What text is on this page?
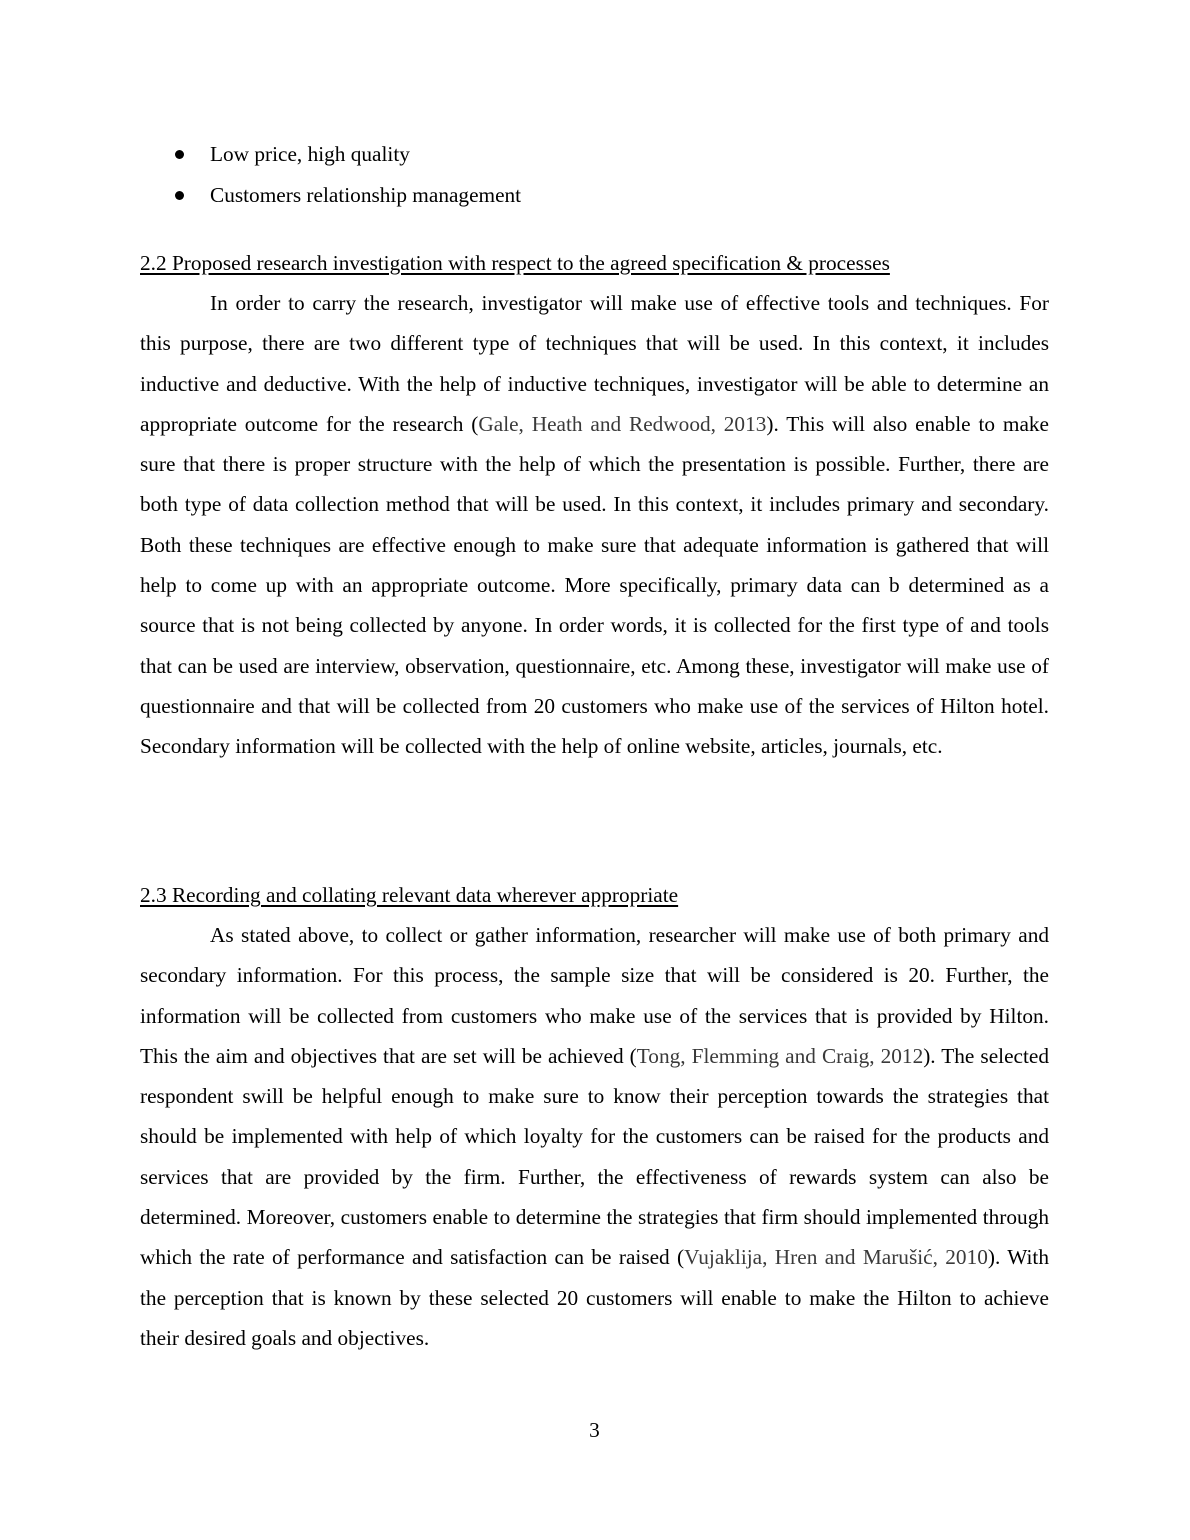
Low price, high quality
Customers relationship management
2.2 Proposed research investigation with respect to the agreed specification & processes

In order to carry the research, investigator will make use of effective tools and techniques. For this purpose, there are two different type of techniques that will be used. In this context, it includes inductive and deductive. With the help of inductive techniques, investigator will be able to determine an appropriate outcome for the research (Gale, Heath and Redwood, 2013). This will also enable to make sure that there is proper structure with the help of which the presentation is possible. Further, there are both type of data collection method that will be used. In this context, it includes primary and secondary. Both these techniques are effective enough to make sure that adequate information is gathered that will help to come up with an appropriate outcome. More specifically, primary data can b determined as a source that is not being collected by anyone. In order words, it is collected for the first type of and tools that can be used are interview, observation, questionnaire, etc. Among these, investigator will make use of questionnaire and that will be collected from 20 customers who make use of the services of Hilton hotel. Secondary information will be collected with the help of online website, articles, journals, etc.

2.3 Recording and collating relevant data wherever appropriate

As stated above, to collect or gather information, researcher will make use of both primary and secondary information. For this process, the sample size that will be considered is 20. Further, the information will be collected from customers who make use of the services that is provided by Hilton. This the aim and objectives that are set will be achieved (Tong, Flemming and Craig, 2012). The selected respondent swill be helpful enough to make sure to know their perception towards the strategies that should be implemented with help of which loyalty for the customers can be raised for the products and services that are provided by the firm. Further, the effectiveness of rewards system can also be determined. Moreover, customers enable to determine the strategies that firm should implemented through which the rate of performance and satisfaction can be raised (Vujaklija, Hren and Marušić, 2010). With the perception that is known by these selected 20 customers will enable to make the Hilton to achieve their desired goals and objectives.

3
